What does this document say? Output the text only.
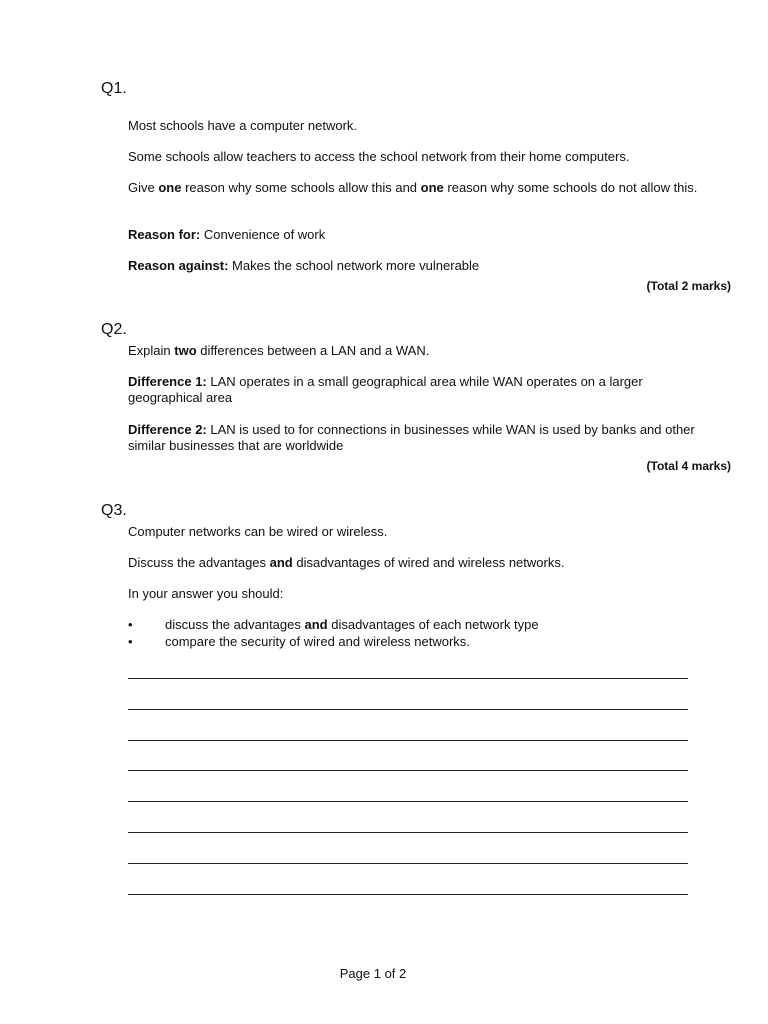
Q1.

Most schools have a computer network.

Some schools allow teachers to access the school network from their home computers.

Give one reason why some schools allow this and one reason why some schools do not allow this.

Reason for: Convenience of work

Reason against: Makes the school network more vulnerable

(Total 2 marks)
Q2.

Explain two differences between a LAN and a WAN.

Difference 1: LAN operates in a small geographical area while WAN operates on a larger geographical area

Difference 2: LAN is used to for connections in businesses while WAN is used by banks and other similar businesses that are worldwide

(Total 4 marks)
Q3.

Computer networks can be wired or wireless.

Discuss the advantages and disadvantages of wired and wireless networks.

In your answer you should:

• discuss the advantages and disadvantages of each network type
• compare the security of wired and wireless networks.
Page 1 of 2
